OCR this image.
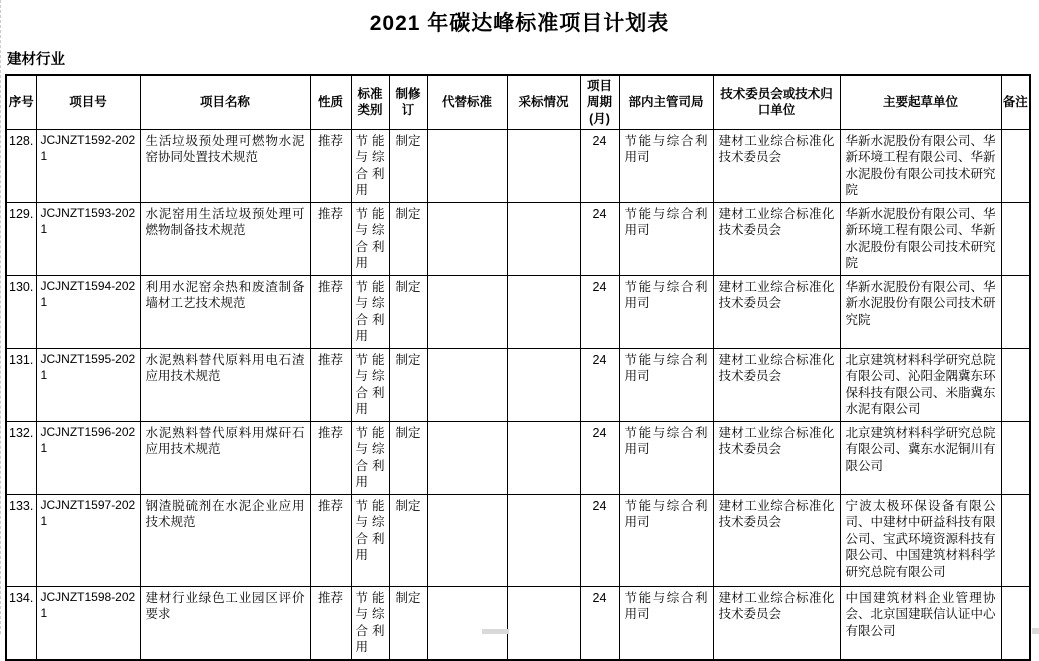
2021 年碳达峰标准项目计划表
建材行业
序号	项目号	项目名称	性质	标准类别	制修订	代替标准	采标情况	项目周期(月)	部内主管司局	技术委员会或技术归口单位	主要起草单位	备注
128.	JCJNZT1592-2021	生活垃圾预处理可燃物水泥窑协同处置技术规范	推荐	节能与综合利用	制定			24	节能与综合利用司	建材工业综合标准化技术委员会	华新水泥股份有限公司、华新环境工程有限公司、华新水泥股份有限公司技术研究院	
129.	JCJNZT1593-2021	水泥窑用生活垃圾预处理可燃物制备技术规范	推荐	节能与综合利用	制定			24	节能与综合利用司	建材工业综合标准化技术委员会	华新水泥股份有限公司、华新环境工程有限公司、华新水泥股份有限公司技术研究院	
130.	JCJNZT1594-2021	利用水泥窑余热和废渣制备墙材工艺技术规范	推荐	节能与综合利用	制定			24	节能与综合利用司	建材工业综合标准化技术委员会	华新水泥股份有限公司、华新水泥股份有限公司技术研究院	
131.	JCJNZT1595-2021	水泥熟料替代原料用电石渣应用技术规范	推荐	节能与综合利用	制定			24	节能与综合利用司	建材工业综合标准化技术委员会	北京建筑材料科学研究总院有限公司、沁阳金隅冀东环保科技有限公司、米脂冀东水泥有限公司	
132.	JCJNZT1596-2021	水泥熟料替代原料用煤矸石应用技术规范	推荐	节能与综合利用	制定			24	节能与综合利用司	建材工业综合标准化技术委员会	北京建筑材料科学研究总院有限公司、冀东水泥铜川有限公司	
133.	JCJNZT1597-2021	钢渣脱硫剂在水泥企业应用技术规范	推荐	节能与综合利用	制定			24	节能与综合利用司	建材工业综合标准化技术委员会	宁波太极环保设备有限公司、中建材中研益科技有限公司、宝武环境资源科技有限公司、中国建筑材料科学研究总院有限公司	
134.	JCJNZT1598-2021	建材行业绿色工业园区评价要求	推荐	节能与综合利用	制定			24	节能与综合利用司	建材工业综合标准化技术委员会	中国建筑材料企业管理协会、北京国建联信认证中心有限公司	
